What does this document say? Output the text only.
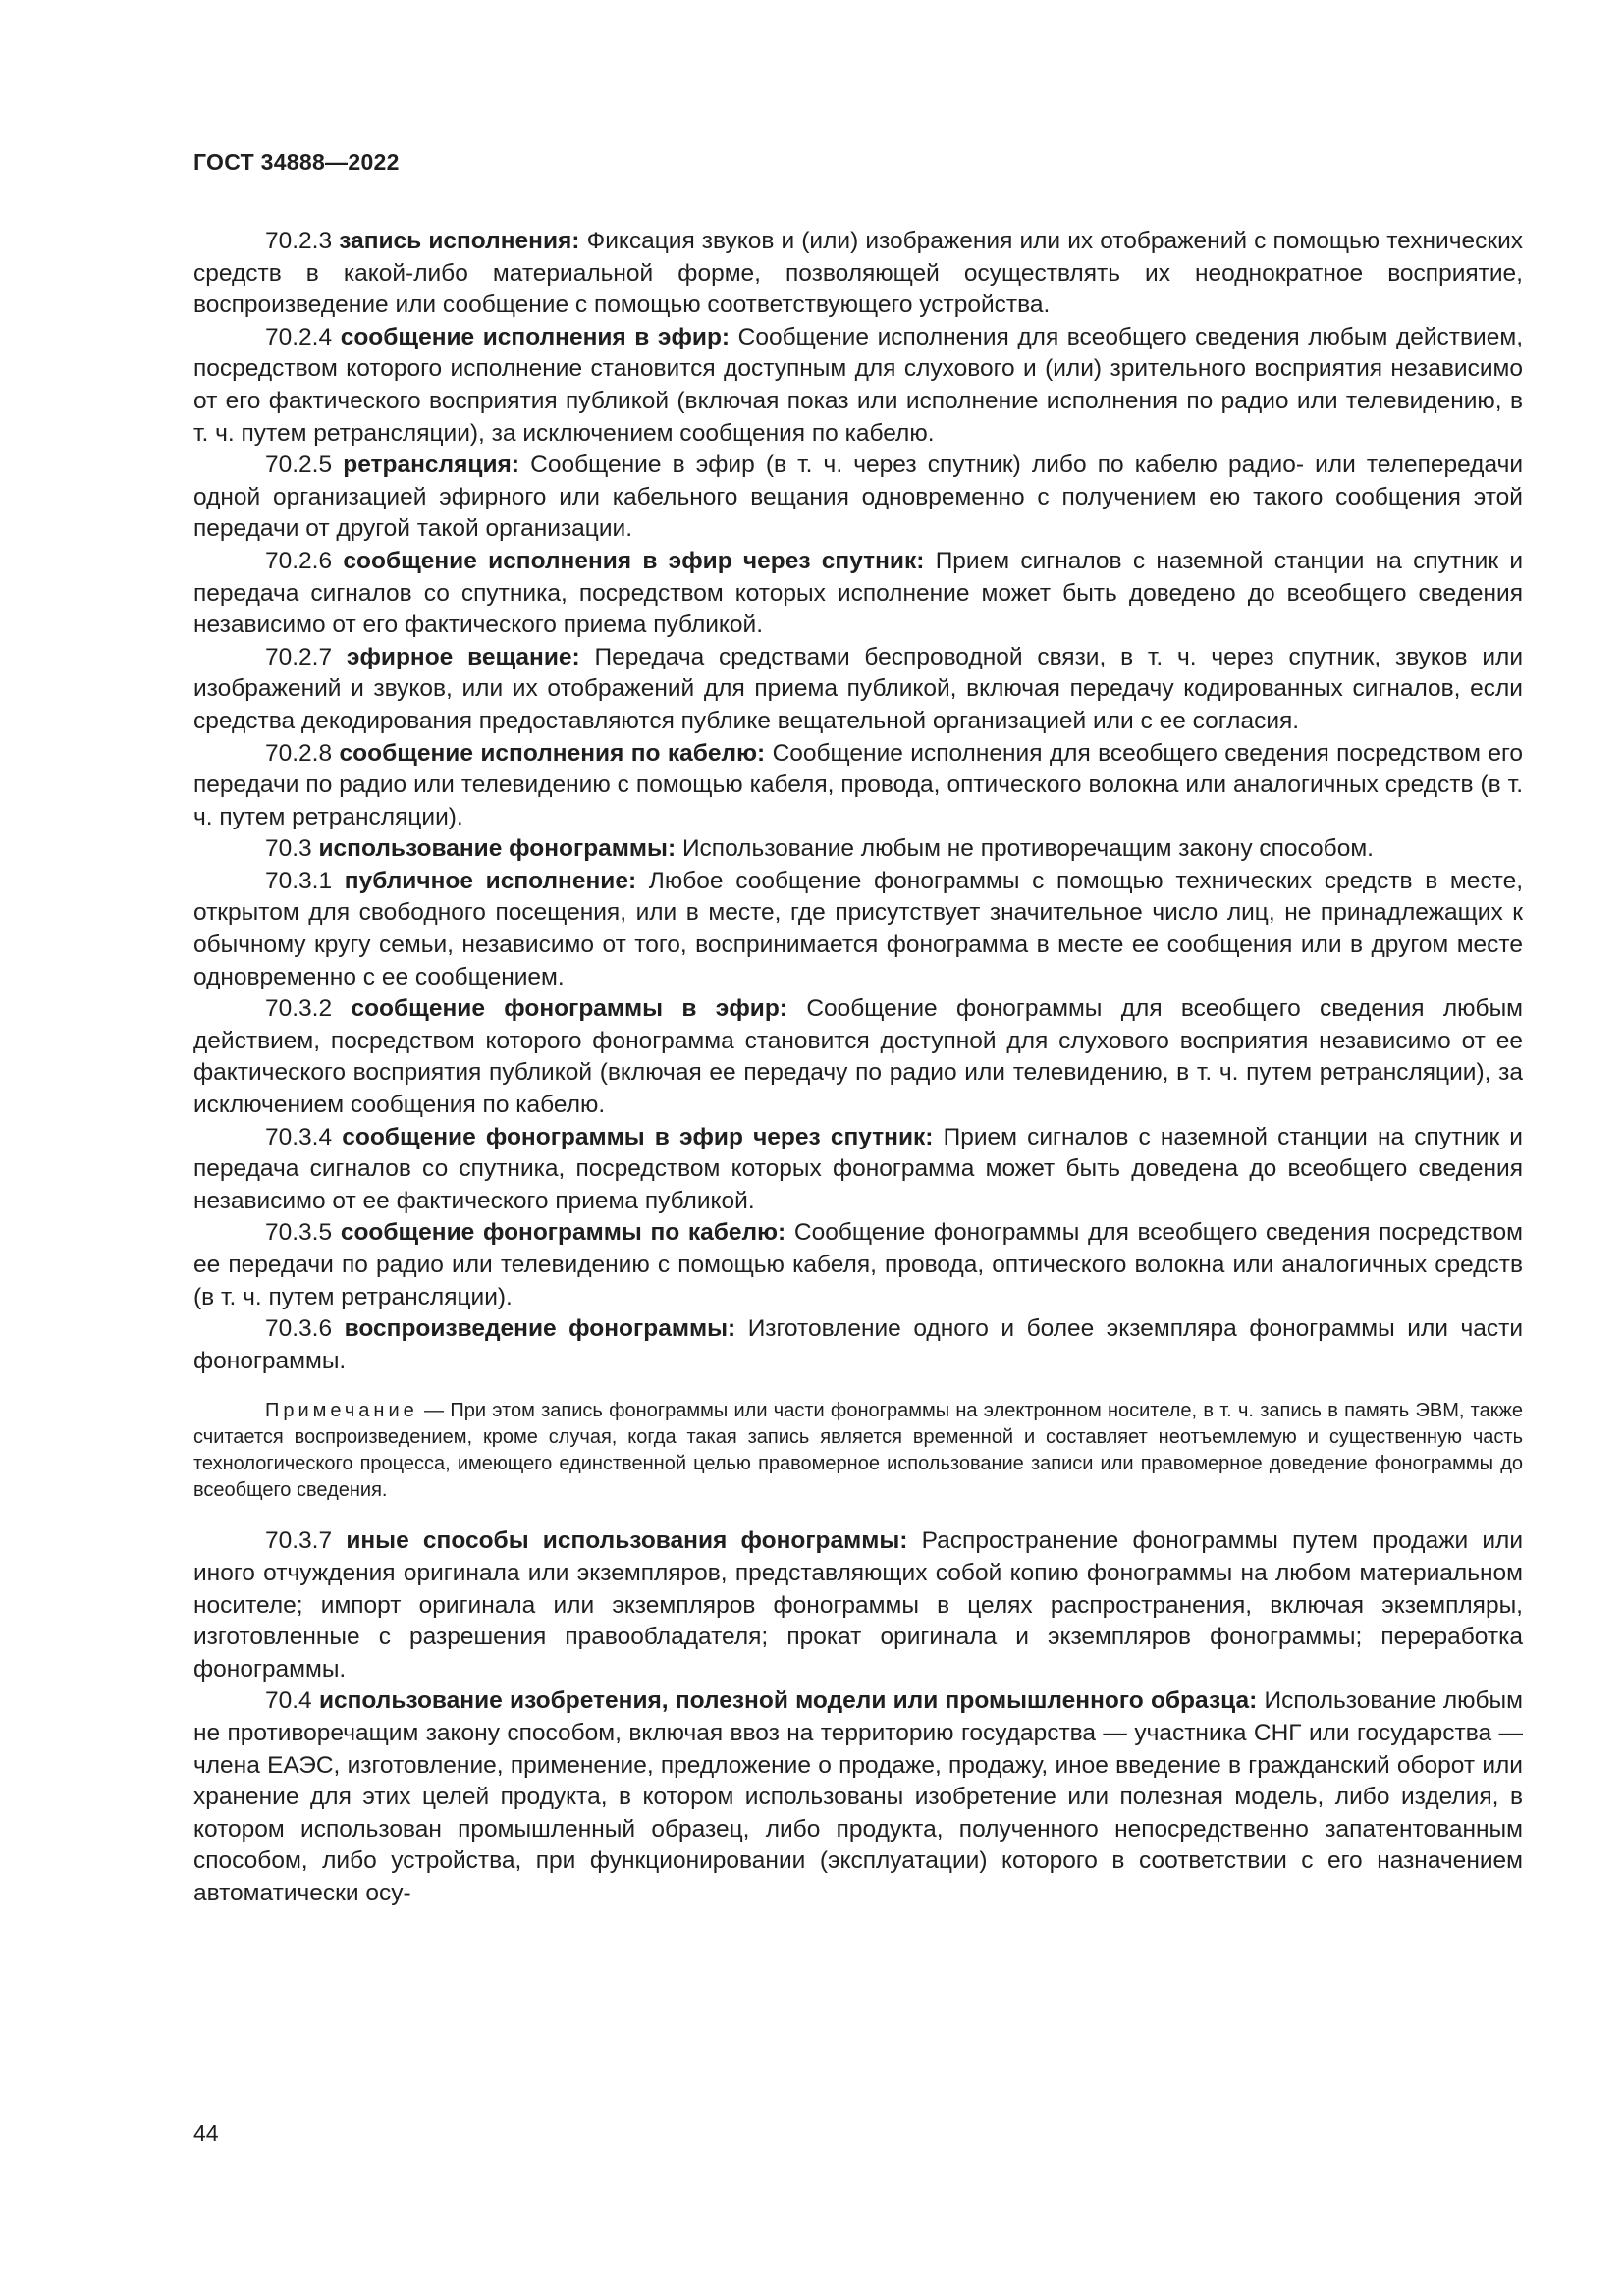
ГОСТ 34888—2022

70.2.3 запись исполнения: Фиксация звуков и (или) изображения или их отображений с помощью технических средств в какой-либо материальной форме, позволяющей осуществлять их неоднократное восприятие, воспроизведение или сообщение с помощью соответствующего устройства.

70.2.4 сообщение исполнения в эфир: Сообщение исполнения для всеобщего сведения любым действием, посредством которого исполнение становится доступным для слухового и (или) зрительного восприятия независимо от его фактического восприятия публикой (включая показ или исполнение исполнения по радио или телевидению, в т. ч. путем ретрансляции), за исключением сообщения по кабелю.

70.2.5 ретрансляция: Сообщение в эфир (в т. ч. через спутник) либо по кабелю радио- или телепередачи одной организацией эфирного или кабельного вещания одновременно с получением ею такого сообщения этой передачи от другой такой организации.

70.2.6 сообщение исполнения в эфир через спутник: Прием сигналов с наземной станции на спутник и передача сигналов со спутника, посредством которых исполнение может быть доведено до всеобщего сведения независимо от его фактического приема публикой.

70.2.7 эфирное вещание: Передача средствами беспроводной связи, в т. ч. через спутник, звуков или изображений и звуков, или их отображений для приема публикой, включая передачу кодированных сигналов, если средства декодирования предоставляются публике вещательной организацией или с ее согласия.

70.2.8 сообщение исполнения по кабелю: Сообщение исполнения для всеобщего сведения посредством его передачи по радио или телевидению с помощью кабеля, провода, оптического волокна или аналогичных средств (в т. ч. путем ретрансляции).

70.3 использование фонограммы: Использование любым не противоречащим закону способом.

70.3.1 публичное исполнение: Любое сообщение фонограммы с помощью технических средств в месте, открытом для свободного посещения, или в месте, где присутствует значительное число лиц, не принадлежащих к обычному кругу семьи, независимо от того, воспринимается фонограмма в месте ее сообщения или в другом месте одновременно с ее сообщением.

70.3.2 сообщение фонограммы в эфир: Сообщение фонограммы для всеобщего сведения любым действием, посредством которого фонограмма становится доступной для слухового восприятия независимо от ее фактического восприятия публикой (включая ее передачу по радио или телевидению, в т. ч. путем ретрансляции), за исключением сообщения по кабелю.

70.3.4 сообщение фонограммы в эфир через спутник: Прием сигналов с наземной станции на спутник и передача сигналов со спутника, посредством которых фонограмма может быть доведена до всеобщего сведения независимо от ее фактического приема публикой.

70.3.5 сообщение фонограммы по кабелю: Сообщение фонограммы для всеобщего сведения посредством ее передачи по радио или телевидению с помощью кабеля, провода, оптического волокна или аналогичных средств (в т. ч. путем ретрансляции).

70.3.6 воспроизведение фонограммы: Изготовление одного и более экземпляра фонограммы или части фонограммы.

Примечание — При этом запись фонограммы или части фонограммы на электронном носителе, в т. ч. запись в память ЭВМ, также считается воспроизведением, кроме случая, когда такая запись является временной и составляет неотъемлемую и существенную часть технологического процесса, имеющего единственной целью правомерное использование записи или правомерное доведение фонограммы до всеобщего сведения.

70.3.7 иные способы использования фонограммы: Распространение фонограммы путем продажи или иного отчуждения оригинала или экземпляров, представляющих собой копию фонограммы на любом материальном носителе; импорт оригинала или экземпляров фонограммы в целях распространения, включая экземпляры, изготовленные с разрешения правообладателя; прокат оригинала и экземпляров фонограммы; переработка фонограммы.

70.4 использование изобретения, полезной модели или промышленного образца: Использование любым не противоречащим закону способом, включая ввоз на территорию государства — участника СНГ или государства — члена ЕАЭС, изготовление, применение, предложение о продаже, продажу, иное введение в гражданский оборот или хранение для этих целей продукта, в котором использованы изобретение или полезная модель, либо изделия, в котором использован промышленный образец, либо продукта, полученного непосредственно запатентованным способом, либо устройства, при функционировании (эксплуатации) которого в соответствии с его назначением автоматически осу-

44
